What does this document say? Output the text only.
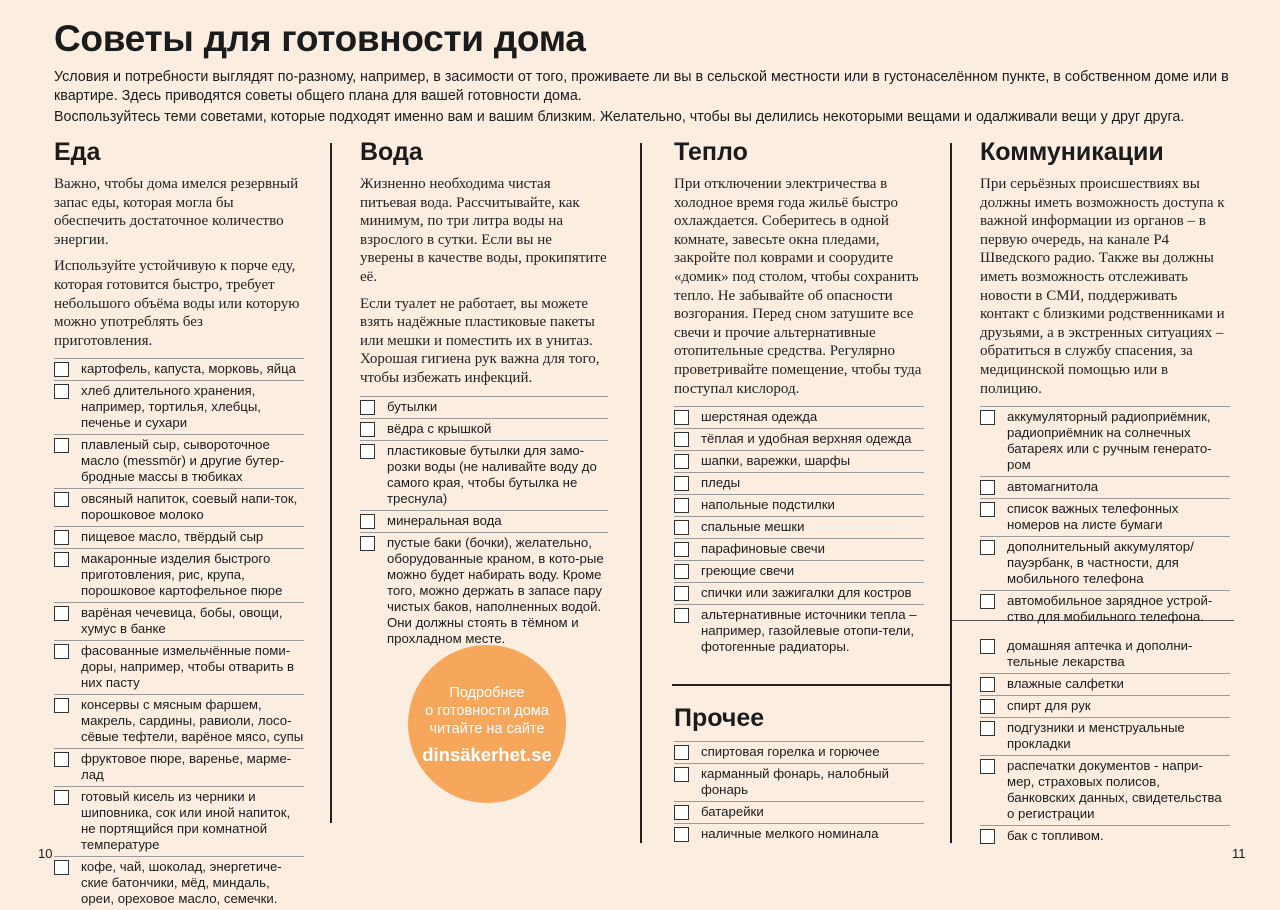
Советы для готовности дома

Условия и потребности выглядят по-разному, например, в засимости от того, проживаете ли вы в сельской местности или в густонаселённом пункте, в собственном доме или в квартире. Здесь приводятся советы общего плана для вашей готовности дома.

Воспользуйтесь теми советами, которые подходят именно вам и вашим близким. Желательно, чтобы вы делились некоторыми вещами и одалживали вещи у друг друга.

Еда

Важно, чтобы дома имелся резервный запас еды, которая могла бы обеспечить достаточное количество энергии.

Используйте устойчивую к порче еду, которая готовится быстро, требует небольшого объёма воды или которую можно употреблять без приготовления.

картофель, капуста, морковь, яйца
хлеб длительного хранения, например, тортилья, хлебцы, печенье и сухари
плавленый сыр, сывороточное масло (messmör) и другие бутер-бродные массы в тюбиках
овсяный напиток, соевый напи-ток, порошковое молоко
пищевое масло, твёрдый сыр
макаронные изделия быстрого приготовления, рис, крупа, порошковое картофельное пюре
варёная чечевица, бобы, овощи, хумус в банке
фасованные измельчённые поми-доры, например, чтобы отварить в них пасту
консервы с мясным фаршем, макрель, сардины, равиоли, лосо-сёвые тефтели, варёное мясо, супы
фруктовое пюре, варенье, марме-лад
готовый кисель из черники и шиповника, сок или иной напиток, не портящийся при комнатной температуре
кофе, чай, шоколад, энергетиче-ские батончики, мёд, миндаль, ореи, ореховое масло, семечки.
Вода

Жизненно необходима чистая питьевая вода. Рассчитывайте, как минимум, по три литра воды на взрослого в сутки. Если вы не уверены в качестве воды, прокипятите её.

Если туалет не работает, вы можете взять надёжные пластиковые пакеты или мешки и поместить их в унитаз. Хорошая гигиена рук важна для того, чтобы избежать инфекций.

бутылки
вёдра с крышкой
пластиковые бутылки для замо-розки воды (не наливайте воду до самого края, чтобы бутылка не треснула)
минеральная вода
пустые баки (бочки), желательно, оборудованные краном, в кото-рые можно будет набирать воду. Кроме того, можно держать в запасе пару чистых баков, наполненных водой. Они должны стоять в тёмном и прохладном месте.
Подробнее
о готовности дома
читайте на сайте
dinsäkerhet.se
Тепло

При отключении электричества в холодное время года жильё быстро охлаждается. Соберитесь в одной комнате, завесьте окна пледами, закройте пол коврами и соорудите «домик» под столом, чтобы сохранить тепло. Не забывайте об опасности возгорания. Перед сном затушите все свечи и прочие альтернативные отопительные средства. Регулярно проветривайте помещение, чтобы туда поступал кислород.

шерстяная одежда
тёплая и удобная верхняя одежда
шапки, варежки, шарфы
пледы
напольные подстилки
спальные мешки
парафиновые свечи
греющие свечи
спички или зажигалки для костров
альтернативные источники тепла – например, газойлевые отопи-тели, фотогенные радиаторы.
Прочее
спиртовая горелка и горючее
карманный фонарь, налобный фонарь
батарейки
наличные мелкого номинала
Коммуникации

При серьёзных происшествиях вы должны иметь возможность доступа к важной информации из органов – в первую очередь, на канале P4 Шведского радио. Также вы должны иметь возможность отслеживать новости в СМИ, поддерживать контакт с близкими родственниками и друзьями, а в экстренных ситуациях – обратиться в службу спасения, за медицинской помощью или в полицию.

аккумуляторный радиоприёмник, радиоприёмник на солнечных батареях или с ручным генерато-ром
автомагнитола
список важных телефонных номеров на листе бумаги
дополнительный аккумулятор/ пауэрбанк, в частности, для мобильного телефона
автомобильное зарядное устрой-ство для мобильного телефона.
домашняя аптечка и дополни-тельные лекарства
влажные салфетки
спирт для рук
подгузники и менструальные прокладки
распечатки документов - напри-мер, страховых полисов, банковских данных, свидетельства о регистрации
бак с топливом.
10	11
